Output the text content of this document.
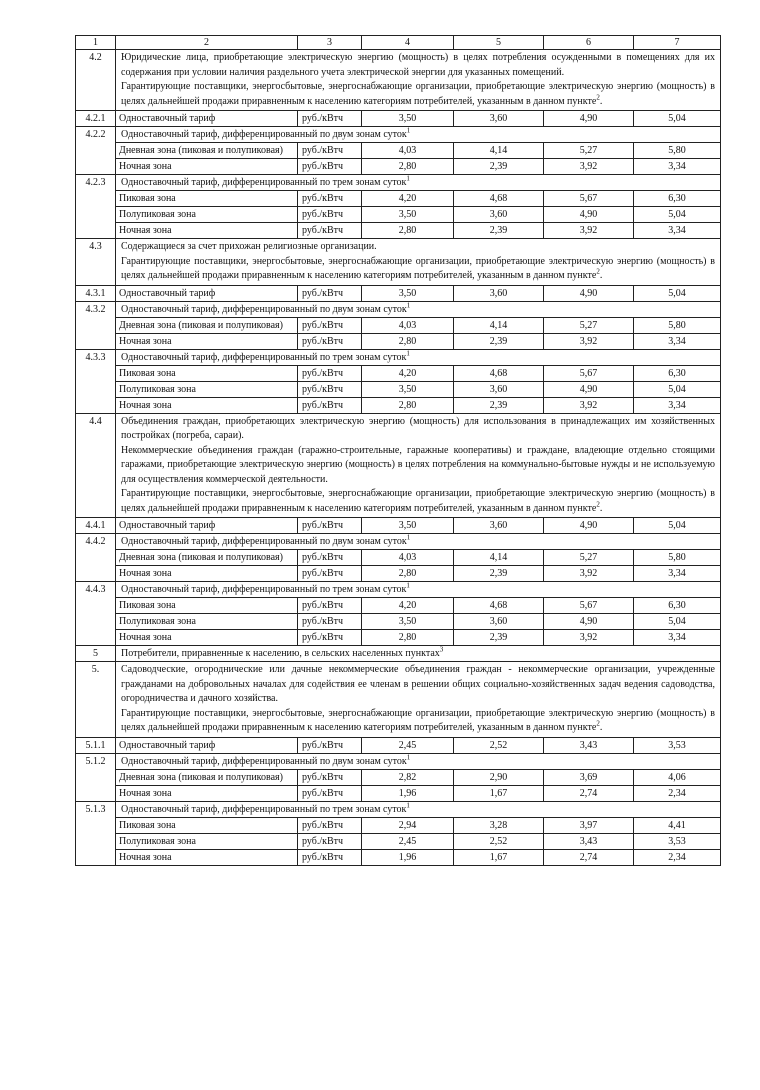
1	2	3	4	5	6	7
4.2	Юридические лица, приобретающие электрическую энергию (мощность) в целях потребления осужденными в помещениях для их содержания при условии наличия раздельного учета электрической энергии для указанных помещений.

Гарантирующие поставщики, энергосбытовые, энергоснабжающие организации, приобретающие электрическую энергию (мощность) в целях дальнейшей продажи приравненным к населению категориям потребителей, указанным в данном пункте$^2$.					

4.2.1	Одноставочный тариф	руб./кВтч	3,50	3,60	4,90	5,04
4.2.2	Одноставочный тариф, дифференцированный по двум зонам суток$^1$
	Дневная зона (пиковая и полупиковая)	руб./кВтч	4,03	4,14	5,27	5,80
	Ночная зона	руб./кВтч	2,80	2,39	3,92	3,34
4.2.3	Одноставочный тариф, дифференцированный по трем зонам суток$^1$
	Пиковая зона	руб./кВтч	4,20	4,68	5,67	6,30
	Полупиковая зона	руб./кВтч	3,50	3,60	4,90	5,04
	Ночная зона	руб./кВтч	2,80	2,39	3,92	3,34
4.3	Содержащиеся за счет прихожан религиозные организации.

Гарантирующие поставщики, энергосбытовые, энергоснабжающие организации, приобретающие электрическую энергию (мощность) в целях дальнейшей продажи приравненным к населению категориям потребителей, указанным в данном пункте$^2$.					

4.3.1	Одноставочный тариф	руб./кВтч	3,50	3,60	4,90	5,04
4.3.2	Одноставочный тариф, дифференцированный по двум зонам суток$^1$
	Дневная зона (пиковая и полупиковая)	руб./кВтч	4,03	4,14	5,27	5,80
	Ночная зона	руб./кВтч	2,80	2,39	3,92	3,34
4.3.3	Одноставочный тариф, дифференцированный по трем зонам суток$^1$
	Пиковая зона	руб./кВтч	4,20	4,68	5,67	6,30
	Полупиковая зона	руб./кВтч	3,50	3,60	4,90	5,04
	Ночная зона	руб./кВтч	2,80	2,39	3,92	3,34
4.4	Объединения граждан, приобретающих электрическую энергию (мощность) для использования в принадлежащих им хозяйственных постройках (погреба, сараи).

Некоммерческие объединения граждан (гаражно-строительные, гаражные кооперативы) и граждане, владеющие отдельно стоящими гаражами, приобретающие электрическую энергию (мощность) в целях потребления на коммунально-бытовые нужды и не используемую для осуществления коммерческой деятельности.

Гарантирующие поставщики, энергосбытовые, энергоснабжающие организации, приобретающие электрическую энергию (мощность) в целях дальнейшей продажи приравненным к населению категориям потребителей, указанным в данном пункте$^2$.					

4.4.1	Одноставочный тариф	руб./кВтч	3,50	3,60	4,90	5,04
4.4.2	Одноставочный тариф, дифференцированный по двум зонам суток$^1$
	Дневная зона (пиковая и полупиковая)	руб./кВтч	4,03	4,14	5,27	5,80
	Ночная зона	руб./кВтч	2,80	2,39	3,92	3,34
4.4.3	Одноставочный тариф, дифференцированный по трем зонам суток$^1$
	Пиковая зона	руб./кВтч	4,20	4,68	5,67	6,30
	Полупиковая зона	руб./кВтч	3,50	3,60	4,90	5,04
	Ночная зона	руб./кВтч	2,80	2,39	3,92	3,34
5	Потребители, приравненные к населению, в сельских населенных пунктах$^3$
5.	Садоводческие, огороднические или дачные некоммерческие объединения граждан - некоммерческие организации, учрежденные гражданами на добровольных началах для содействия ее членам в решении общих социально-хозяйственных задач ведения садоводства, огородничества и дачного хозяйства.

Гарантирующие поставщики, энергосбытовые, энергоснабжающие организации, приобретающие электрическую энергию (мощность) в целях дальнейшей продажи приравненным к населению категориям потребителей, указанным в данном пункте$^2$.					

5.1.1	Одноставочный тариф	руб./кВтч	2,45	2,52	3,43	3,53
5.1.2	Одноставочный тариф, дифференцированный по двум зонам суток$^1$
	Дневная зона (пиковая и полупиковая)	руб./кВтч	2,82	2,90	3,69	4,06
	Ночная зона	руб./кВтч	1,96	1,67	2,74	2,34
5.1.3	Одноставочный тариф, дифференцированный по трем зонам суток$^1$
	Пиковая зона	руб./кВтч	2,94	3,28	3,97	4,41
	Полупиковая зона	руб./кВтч	2,45	2,52	3,43	3,53
	Ночная зона	руб./кВтч	1,96	1,67	2,74	2,34
